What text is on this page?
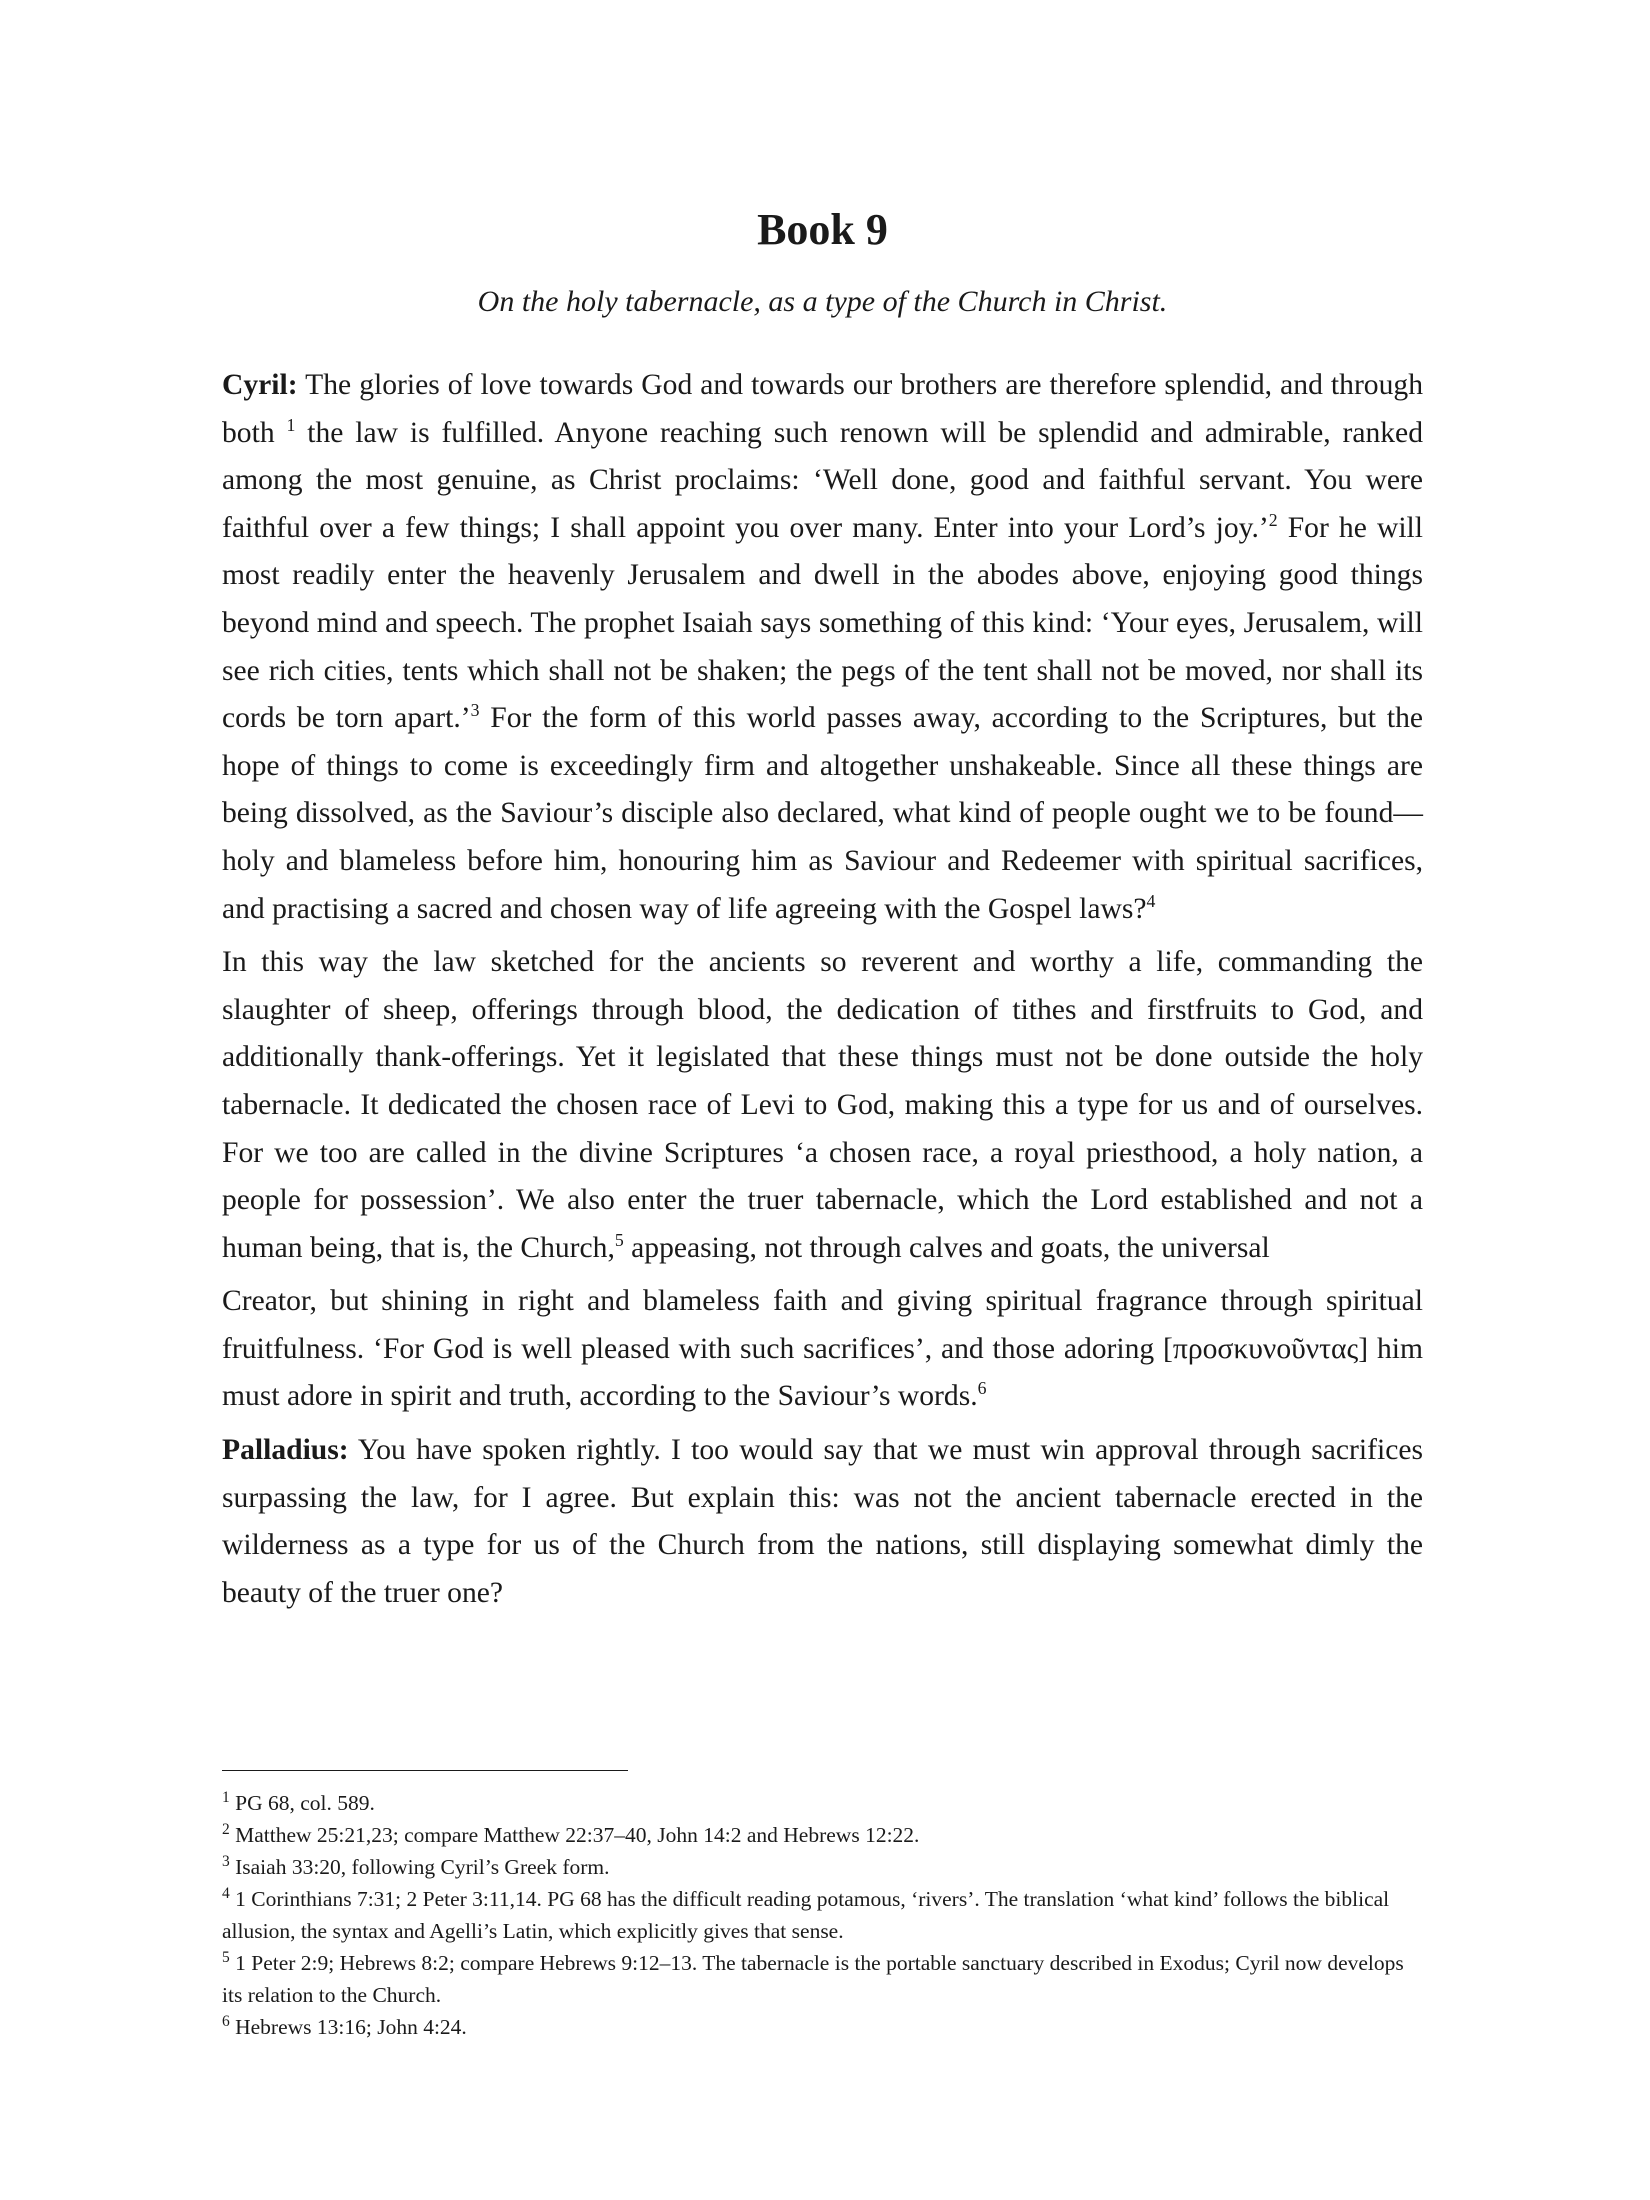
Book 9

On the holy tabernacle, as a type of the Church in Christ.

Cyril: The glories of love towards God and towards our brothers are therefore splendid, and through both $^1$ the law is fulfilled. Anyone reaching such renown will be splendid and admirable, ranked among the most genuine, as Christ proclaims: ‘Well done, good and faithful servant. You were faithful over a few things; I shall appoint you over many. Enter into your Lord’s joy.’$^2$ For he will most readily enter the heavenly Jerusalem and dwell in the abodes above, enjoying good things beyond mind and speech. The prophet Isaiah says something of this kind: ‘Your eyes, Jerusalem, will see rich cities, tents which shall not be shaken; the pegs of the tent shall not be moved, nor shall its cords be torn apart.’$^3$ For the form of this world passes away, according to the Scriptures, but the hope of things to come is exceedingly firm and altogether unshakeable. Since all these things are being dissolved, as the Saviour’s disciple also declared, what kind of people ought we to be found—holy and blameless before him, honouring him as Saviour and Redeemer with spiritual sacrifices, and practising a sacred and chosen way of life agreeing with the Gospel laws?$^4$

In this way the law sketched for the ancients so reverent and worthy a life, commanding the slaughter of sheep, offerings through blood, the dedication of tithes and firstfruits to God, and additionally thank-offerings. Yet it legislated that these things must not be done outside the holy tabernacle. It dedicated the chosen race of Levi to God, making this a type for us and of ourselves. For we too are called in the divine Scriptures ‘a chosen race, a royal priesthood, a holy nation, a people for possession’. We also enter the truer tabernacle, which the Lord established and not a human being, that is, the Church,$^5$ appeasing, not through calves and goats, the universal

Creator, but shining in right and blameless faith and giving spiritual fragrance through spiritual fruitfulness. ‘For God is well pleased with such sacrifices’, and those adoring [προσκυνοῦντας] him must adore in spirit and truth, according to the Saviour’s words.$^6$

Palladius: You have spoken rightly. I too would say that we must win approval through sacrifices surpassing the law, for I agree. But explain this: was not the ancient tabernacle erected in the wilderness as a type for us of the Church from the nations, still displaying somewhat dimly the beauty of the truer one?

$^1$ PG 68, col. 589.

$^2$ Matthew 25:21,23; compare Matthew 22:37–40, John 14:2 and Hebrews 12:22.

$^3$ Isaiah 33:20, following Cyril’s Greek form.

$^4$ 1 Corinthians 7:31; 2 Peter 3:11,14. PG 68 has the difficult reading potamous, ‘rivers’. The translation ‘what kind’ follows the biblical allusion, the syntax and Agelli’s Latin, which explicitly gives that sense.

$^5$ 1 Peter 2:9; Hebrews 8:2; compare Hebrews 9:12–13. The tabernacle is the portable sanctuary described in Exodus; Cyril now develops its relation to the Church.

$^6$ Hebrews 13:16; John 4:24.
